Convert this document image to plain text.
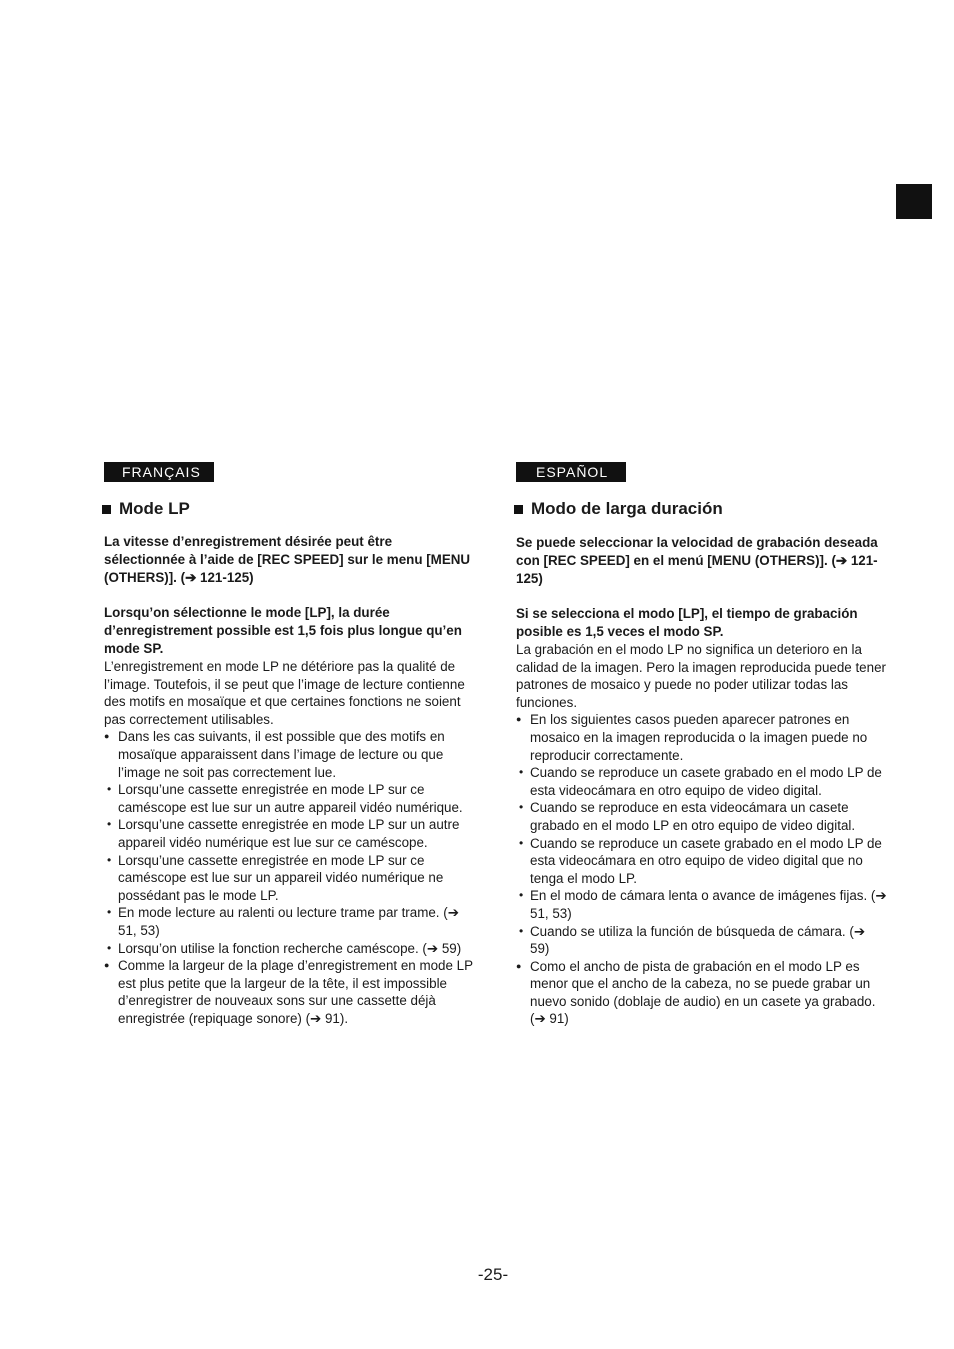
FRANÇAIS
Mode LP

La vitesse d’enregistrement désirée peut être sélectionnée à l’aide de [REC SPEED] sur le menu [MENU (OTHERS)]. (➔ 121-125)

Lorsqu’on sélectionne le mode [LP], la durée d’enregistrement possible est 1,5 fois plus longue qu’en mode SP.

L’enregistrement en mode LP ne détériore pas la qualité de l’image. Toutefois, il se peut que l’image de lecture contienne des motifs en mosaïque et que certaines fonctions ne soient pas correctement utilisables.

● Dans les cas suivants, il est possible que des motifs en mosaïque apparaissent dans l’image de lecture ou que l’image ne soit pas correctement lue.
• Lorsqu’une cassette enregistrée en mode LP sur ce caméscope est lue sur un autre appareil vidéo numérique.
• Lorsqu’une cassette enregistrée en mode LP sur un autre appareil vidéo numérique est lue sur ce caméscope.
• Lorsqu’une cassette enregistrée en mode LP sur ce caméscope est lue sur un appareil vidéo numérique ne possédant pas le mode LP.
• En mode lecture au ralenti ou lecture trame par trame. (➔ 51, 53)
• Lorsqu’on utilise la fonction recherche caméscope. (➔ 59)
● Comme la largeur de la plage d’enregistrement en mode LP est plus petite que la largeur de la tête, il est impossible d’enregistrer de nouveaux sons sur une cassette déjà enregistrée (repiquage sonore) (➔ 91).
ESPAÑOL
Modo de larga duración

Se puede seleccionar la velocidad de grabación deseada con [REC SPEED] en el menú [MENU (OTHERS)]. (➔ 121-125)

Si se selecciona el modo [LP], el tiempo de grabación posible es 1,5 veces el modo SP.

La grabación en el modo LP no significa un deterioro en la calidad de la imagen. Pero la imagen reproducida puede tener patrones de mosaico y puede no poder utilizar todas las funciones.

● En los siguientes casos pueden aparecer patrones en mosaico en la imagen reproducida o la imagen puede no reproducir correctamente.
• Cuando se reproduce un casete grabado en el modo LP de esta videocámara en otro equipo de video digital.
• Cuando se reproduce en esta videocámara un casete grabado en el modo LP en otro equipo de video digital.
• Cuando se reproduce un casete grabado en el modo LP de esta videocámara en otro equipo de video digital que no tenga el modo LP.
• En el modo de cámara lenta o avance de imágenes fijas. (➔ 51, 53)
• Cuando se utiliza la función de búsqueda de cámara. (➔ 59)
● Como el ancho de pista de grabación en el modo LP es menor que el ancho de la cabeza, no se puede grabar un nuevo sonido (doblaje de audio) en un casete ya grabado. (➔ 91)
-25-
